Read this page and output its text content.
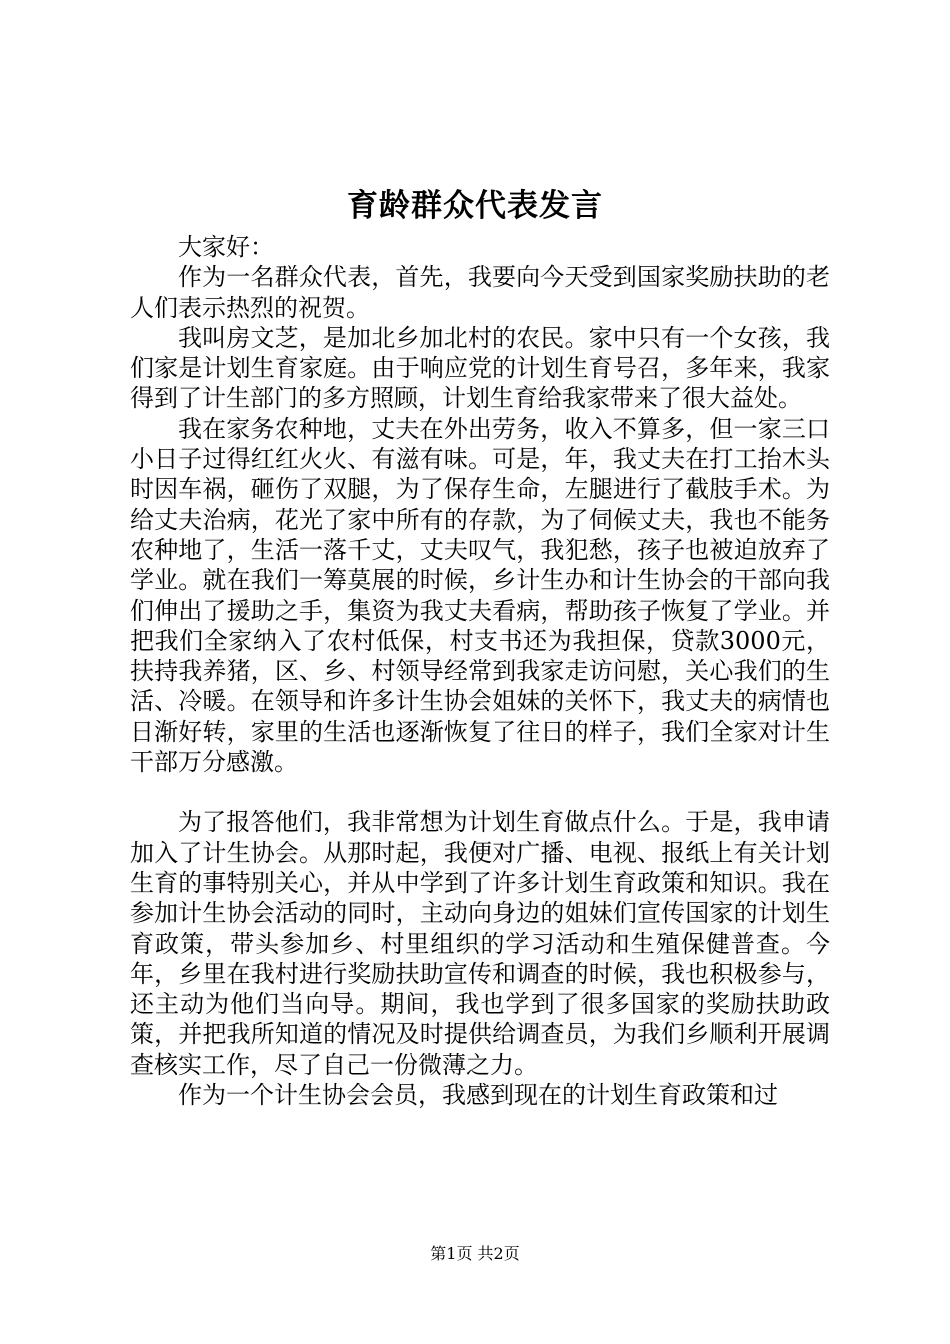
育龄群众代表发言

大家好：

作为一名群众代表，首先，我要向今天受到国家奖励扶助的老人们表示热烈的祝贺。

我叫房文芝，是加北乡加北村的农民。家中只有一个女孩，我们家是计划生育家庭。由于响应党的计划生育号召，多年来，我家得到了计生部门的多方照顾，计划生育给我家带来了很大益处。

我在家务农种地，丈夫在外出劳务，收入不算多，但一家三口小日子过得红红火火、有滋有味。可是，年，我丈夫在打工抬木头时因车祸，砸伤了双腿，为了保存生命，左腿进行了截肢手术。为给丈夫治病，花光了家中所有的存款，为了伺候丈夫，我也不能务农种地了，生活一落千丈，丈夫叹气，我犯愁，孩子也被迫放弃了学业。就在我们一筹莫展的时候，乡计生办和计生协会的干部向我们伸出了援助之手，集资为我丈夫看病，帮助孩子恢复了学业。并把我们全家纳入了农村低保，村支书还为我担保，贷款3000元，扶持我养猪，区、乡、村领导经常到我家走访问慰，关心我们的生活、冷暖。在领导和许多计生协会姐妹的关怀下，我丈夫的病情也日渐好转，家里的生活也逐渐恢复了往日的样子，我们全家对计生干部万分感激。

为了报答他们，我非常想为计划生育做点什么。于是，我申请加入了计生协会。从那时起，我便对广播、电视、报纸上有关计划生育的事特别关心，并从中学到了许多计划生育政策和知识。我在参加计生协会活动的同时，主动向身边的姐妹们宣传国家的计划生育政策，带头参加乡、村里组织的学习活动和生殖保健普查。今年，乡里在我村进行奖励扶助宣传和调查的时候，我也积极参与，还主动为他们当向导。期间，我也学到了很多国家的奖励扶助政策，并把我所知道的情况及时提供给调查员，为我们乡顺利开展调查核实工作，尽了自己一份微薄之力。

作为一个计生协会会员，我感到现在的计划生育政策和过

第1页 共2页
